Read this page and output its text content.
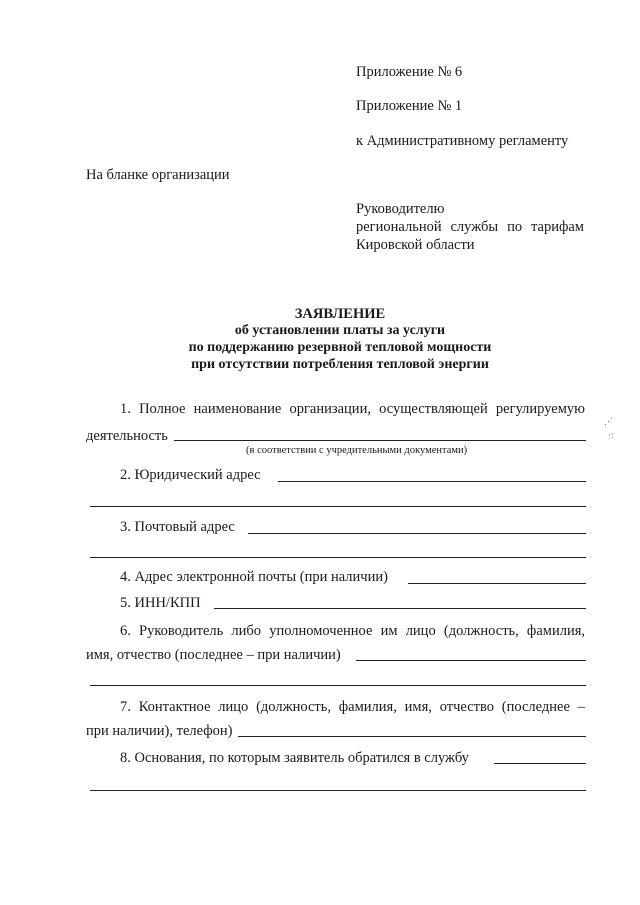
Приложение № 6
Приложение № 1
к Административному регламенту
На бланке организации
Руководителю
региональной службы по тарифам
Кировской области
ЗАЯВЛЕНИЕ
об установлении платы за услуги
по поддержанию резервной тепловой мощности
при отсутствии потребления тепловой энергии
1. Полное наименование организации, осуществляющей регулируемую
деятельность
(в соответствии с учредительными документами)
2. Юридический адрес
3. Почтовый адрес
4. Адрес электронной почты (при наличии)
5. ИНН/КПП
6. Руководитель либо уполномоченное им лицо (должность, фамилия,
имя, отчество (последнее – при наличии)
7. Контактное лицо (должность, фамилия, имя, отчество (последнее –
при наличии), телефон)
8. Основания, по которым заявитель обратился в службу
⋰
·:
